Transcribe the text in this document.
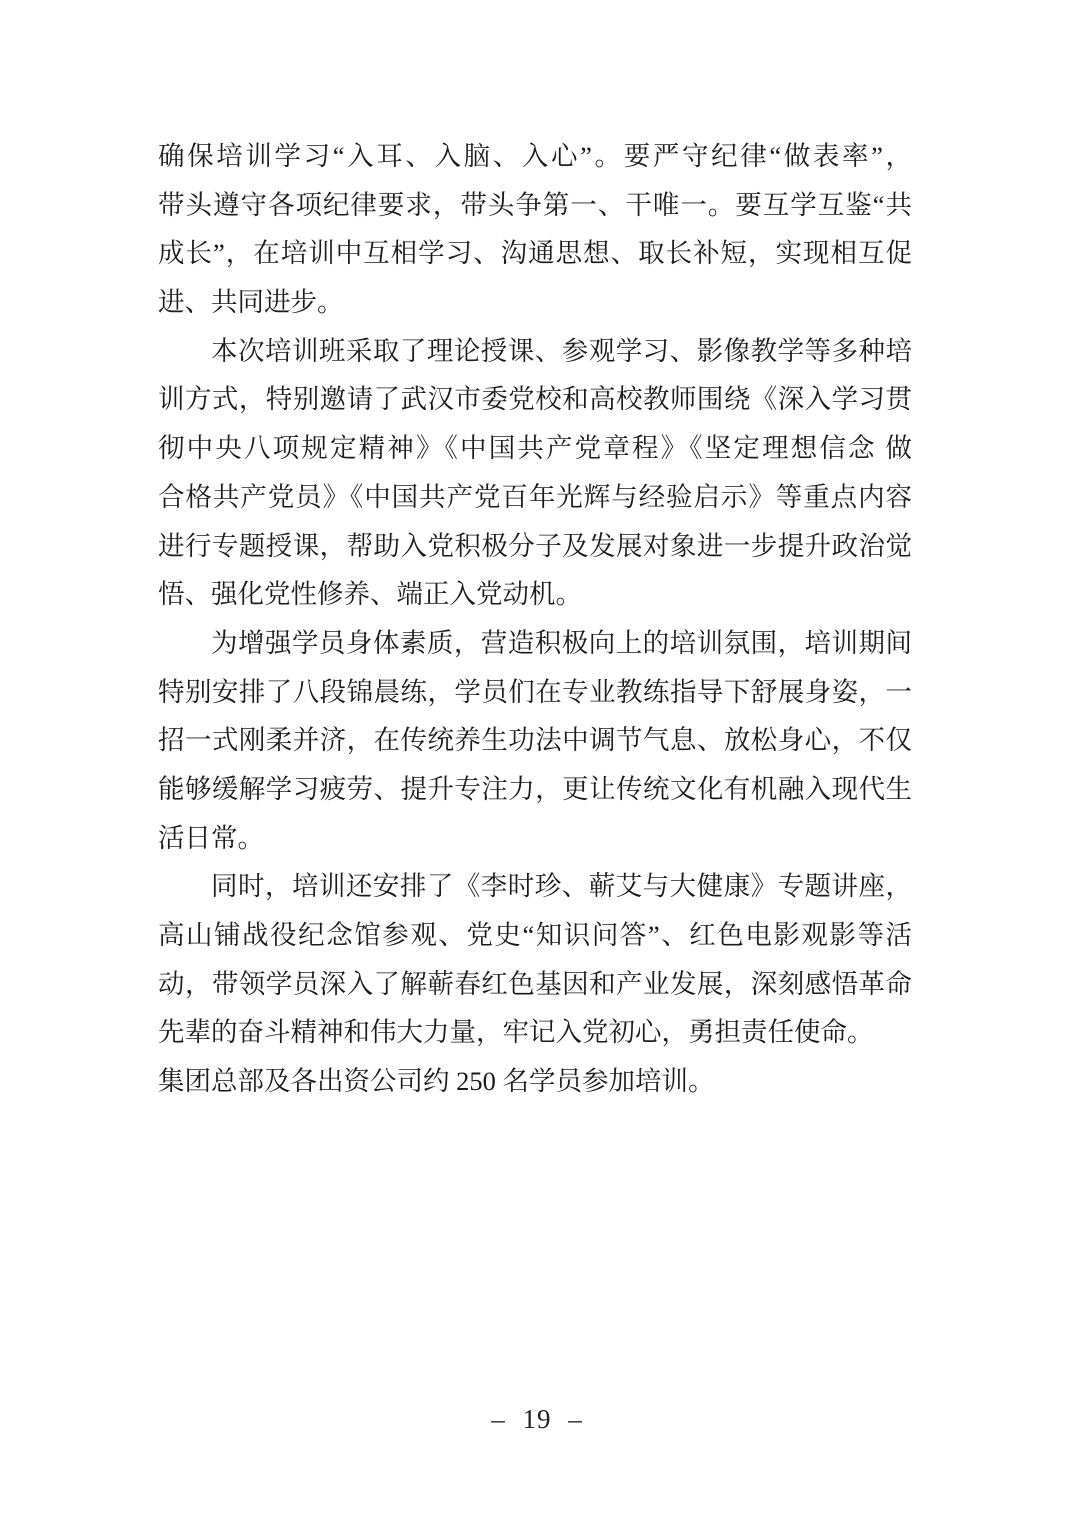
确保培训学习“入耳、入脑、入心”。要严守纪律“做表率”，
带头遵守各项纪律要求，带头争第一、干唯一。要互学互鉴“共
成长”，在培训中互相学习、沟通思想、取长补短，实现相互促
进、共同进步。
本次培训班采取了理论授课、参观学习、影像教学等多种培
训方式，特别邀请了武汉市委党校和高校教师围绕《深入学习贯
彻中央八项规定精神》《中国共产党章程》《坚定理想信念 做
合格共产党员》《中国共产党百年光辉与经验启示》等重点内容
进行专题授课，帮助入党积极分子及发展对象进一步提升政治觉
悟、强化党性修养、端正入党动机。
为增强学员身体素质，营造积极向上的培训氛围，培训期间
特别安排了八段锦晨练，学员们在专业教练指导下舒展身姿，一
招一式刚柔并济，在传统养生功法中调节气息、放松身心，不仅
能够缓解学习疲劳、提升专注力，更让传统文化有机融入现代生
活日常。
同时，培训还安排了《李时珍、蕲艾与大健康》专题讲座，
高山铺战役纪念馆参观、党史“知识问答”、红色电影观影等活
动，带领学员深入了解蕲春红色基因和产业发展，深刻感悟革命
先辈的奋斗精神和伟大力量，牢记入党初心，勇担责任使命。
集团总部及各出资公司约 250 名学员参加培训。
– 19 –
